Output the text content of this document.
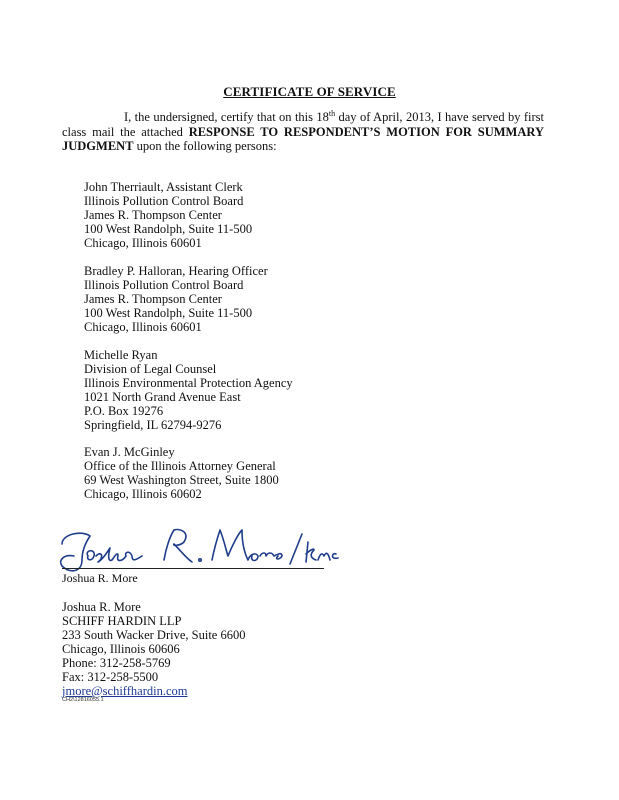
CERTIFICATE OF SERVICE
I, the undersigned, certify that on this 18th day of April, 2013, I have served by first class mail the attached RESPONSE TO RESPONDENT’S MOTION FOR SUMMARY JUDGMENT upon the following persons:
John Therriault, Assistant Clerk
Illinois Pollution Control Board
James R. Thompson Center
100 West Randolph, Suite 11-500
Chicago, Illinois 60601
Bradley P. Halloran, Hearing Officer
Illinois Pollution Control Board
James R. Thompson Center
100 West Randolph, Suite 11-500
Chicago, Illinois 60601
Michelle Ryan
Division of Legal Counsel
Illinois Environmental Protection Agency
1021 North Grand Avenue East
P.O. Box 19276
Springfield, IL 62794-9276
Evan J. McGinley
Office of the Illinois Attorney General
69 West Washington Street, Suite 1800
Chicago, Illinois 60602
Joshua R. More
Joshua R. More
SCHIFF HARDIN LLP
233 South Wacker Drive, Suite 6600
Chicago, Illinois 60606
Phone: 312-258-5769
Fax: 312-258-5500
jmore@schiffhardin.com
CH2\12816055.1
